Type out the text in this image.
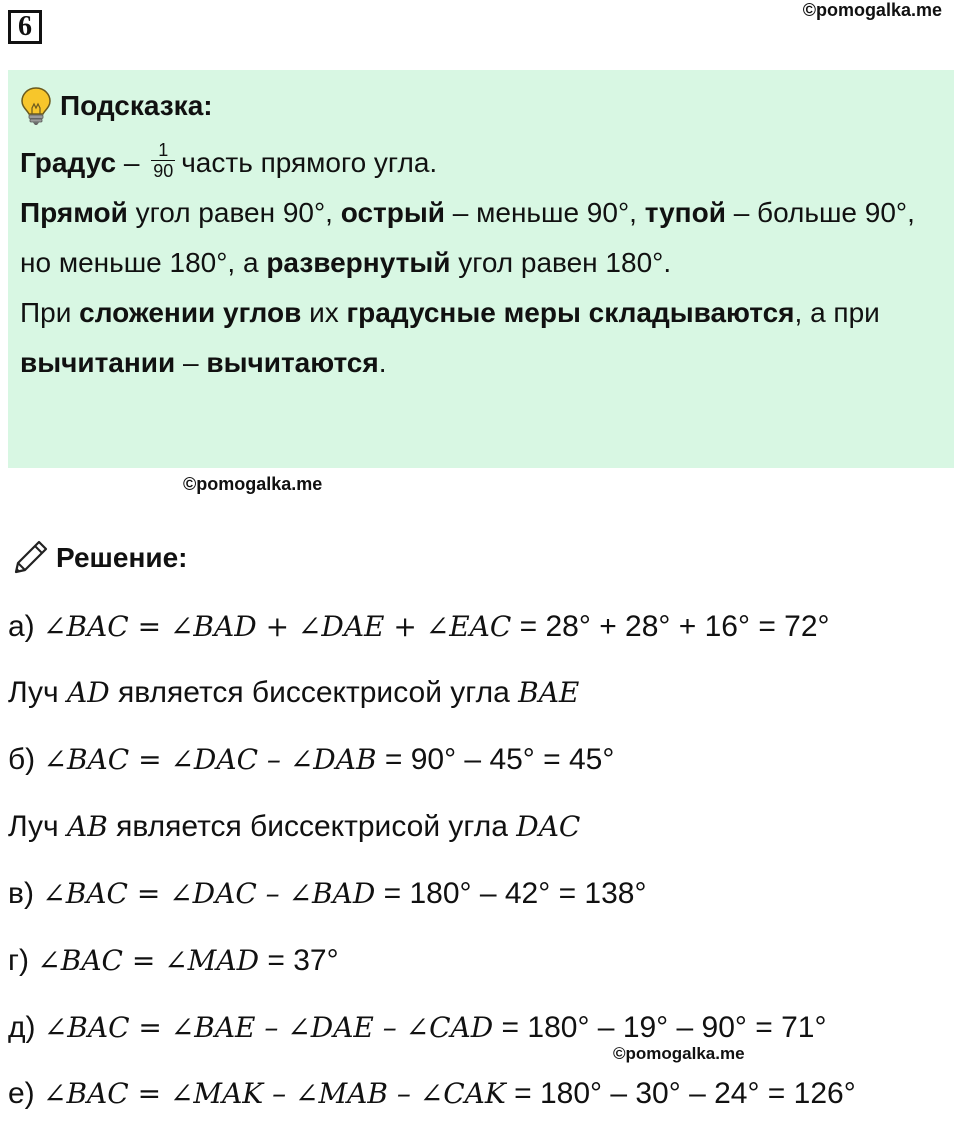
6
©pomogalka.me
Подсказка:

Градус – $\frac{1}{90}$ часть прямого угла.

Прямой угол равен 90°, острый – меньше 90°, тупой – больше 90°, но меньше 180°, а развернутый угол равен 180°.

При сложении углов их градусные меры складываются, а при вычитании – вычитаются.

©pomogalka.me
Решение:
а) ∠BAC = ∠BAD + ∠DAE + ∠EAC = 28° + 28° + 16° = 72°
Луч AD является биссектрисой угла BAE
б) ∠BAC = ∠DAC – ∠DAB = 90° – 45° = 45°
Луч AB является биссектрисой угла DAC
в) ∠BAC = ∠DAC – ∠BAD = 180° – 42° = 138°
г) ∠BAC = ∠MAD = 37°
д) ∠BAC = ∠BAE – ∠DAE – ∠CAD = 180° – 19° – 90° = 71°
©pomogalka.me
е) ∠BAC = ∠MAK – ∠MAB – ∠CAK = 180° – 30° – 24° = 126°
